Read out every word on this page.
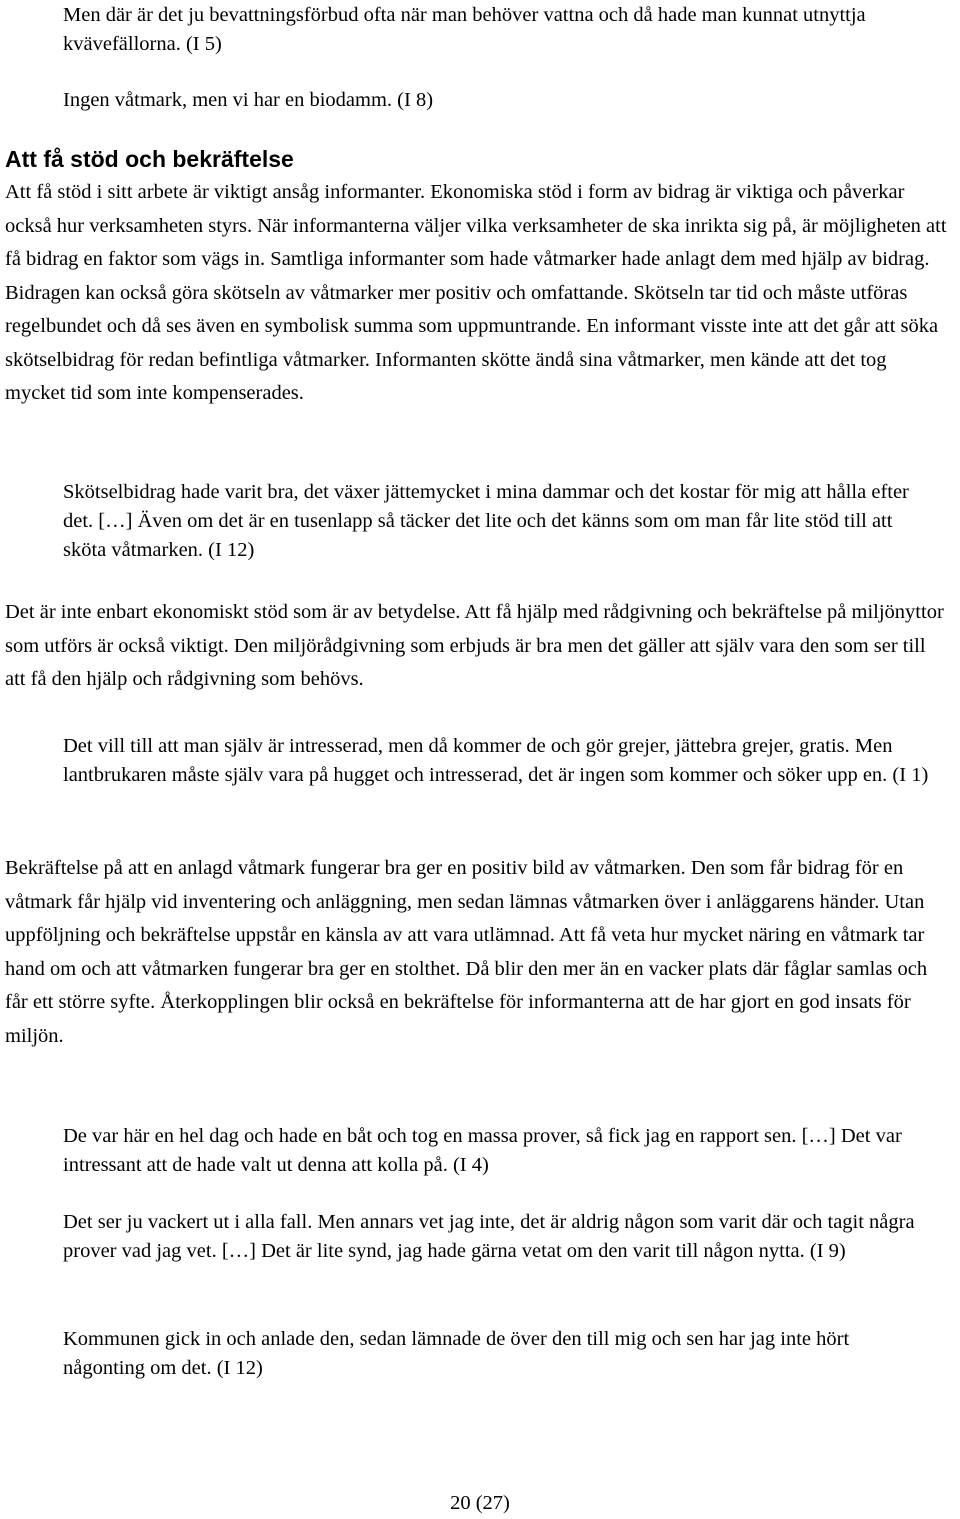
Men där är det ju bevattningsförbud ofta när man behöver vattna och då hade man kunnat utnyttja kvävefällorna. (I 5)

Ingen våtmark, men vi har en biodamm. (I 8)

Att få stöd och bekräftelse

Att få stöd i sitt arbete är viktigt ansåg informanter. Ekonomiska stöd i form av bidrag är viktiga och påverkar också hur verksamheten styrs. När informanterna väljer vilka verksamheter de ska inrikta sig på, är möjligheten att få bidrag en faktor som vägs in. Samtliga informanter som hade våtmarker hade anlagt dem med hjälp av bidrag. Bidragen kan också göra skötseln av våtmarker mer positiv och omfattande. Skötseln tar tid och måste utföras regelbundet och då ses även en symbolisk summa som uppmuntrande. En informant visste inte att det går att söka skötselbidrag för redan befintliga våtmarker. Informanten skötte ändå sina våtmarker, men kände att det tog mycket tid som inte kompenserades.

Skötselbidrag hade varit bra, det växer jättemycket i mina dammar och det kostar för mig att hålla efter det. […] Även om det är en tusenlapp så täcker det lite och det känns som om man får lite stöd till att sköta våtmarken. (I 12)

Det är inte enbart ekonomiskt stöd som är av betydelse. Att få hjälp med rådgivning och bekräftelse på miljönyttor som utförs är också viktigt. Den miljörådgivning som erbjuds är bra men det gäller att själv vara den som ser till att få den hjälp och rådgivning som behövs.

Det vill till att man själv är intresserad, men då kommer de och gör grejer, jättebra grejer, gratis. Men lantbrukaren måste själv vara på hugget och intresserad, det är ingen som kommer och söker upp en. (I 1)

Bekräftelse på att en anlagd våtmark fungerar bra ger en positiv bild av våtmarken. Den som får bidrag för en våtmark får hjälp vid inventering och anläggning, men sedan lämnas våtmarken över i anläggarens händer. Utan uppföljning och bekräftelse uppstår en känsla av att vara utlämnad. Att få veta hur mycket näring en våtmark tar hand om och att våtmarken fungerar bra ger en stolthet. Då blir den mer än en vacker plats där fåglar samlas och får ett större syfte. Återkopplingen blir också en bekräftelse för informanterna att de har gjort en god insats för miljön.

De var här en hel dag och hade en båt och tog en massa prover, så fick jag en rapport sen. […] Det var intressant att de hade valt ut denna att kolla på. (I 4)

Det ser ju vackert ut i alla fall. Men annars vet jag inte, det är aldrig någon som varit där och tagit några prover vad jag vet. […] Det är lite synd, jag hade gärna vetat om den varit till någon nytta. (I 9)

Kommunen gick in och anlade den, sedan lämnade de över den till mig och sen har jag inte hört någonting om det. (I 12)

20 (27)
